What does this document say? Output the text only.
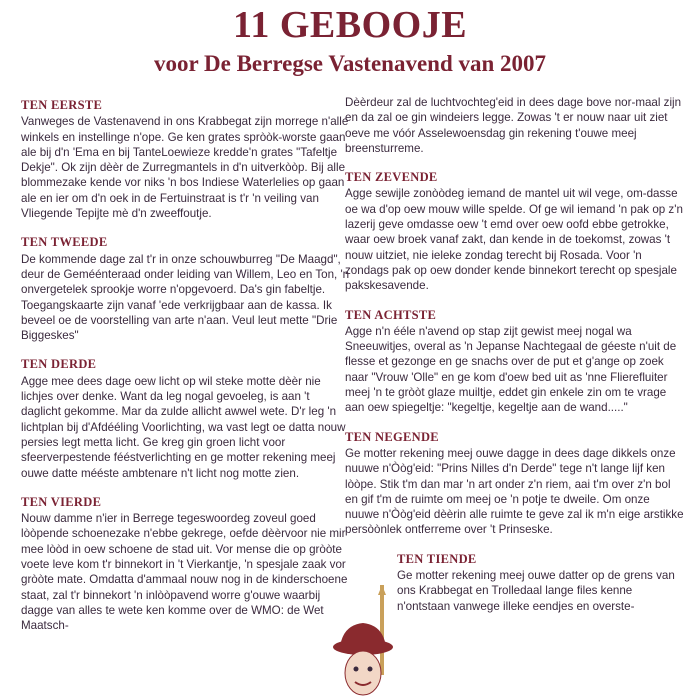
11 GEBOOJE
voor De Berregse Vastenavend van 2007
TEN EERSTE

Vanweges de Vastenavend in ons Krabbegat zijn morrege n'alle winkels en instellinge n'ope. Ge ken grates spròòk-worste gaan ale bij d'n 'Ema en bij TanteLoewieze kredde'n grates "Tafeltje Dekje". Ok zijn dèèr de Zurregmantels in d'n uitverkòòp. Bij alle blommezake kende vor niks 'n bos Indiese Waterlelies op gaan ale en ier om d'n oek in de Fertuinstraat is t'r 'n veiling van Vliegende Tepijte mè d'n zweeffoutje.

TEN TWEEDE

De kommende dage zal t'r in onze schouwburreg "De Maagd", deur de Geméénteraad onder leiding van Willem, Leo en Ton, 'n onvergetelek sprookje worre n'opgevoerd. Da's gin fabeltje. Toegangskaarte zijn vanaf 'ede verkrijgbaar aan de kassa. Ik beveel oe de voorstelling van arte n'aan. Veul leut mette "Drie Biggeskes"

TEN DERDE

Agge mee dees dage oew licht op wil steke motte dèèr nie lichjes over denke. Want da leg nogal gevoeleg, is aan 't daglicht gekomme. Mar da zulde allicht awwel wete. D'r leg 'n lichtplan bij d'Afdééling Voorlichting, wa vast legt oe datta nouw persies legt metta licht. Ge kreg gin groen licht voor sfeerverpestende fééstverlichting en ge motter rekening meej ouwe datte mééste ambtenare n't licht nog motte zien.

TEN VIERDE

Nouw damme n'ier in Berrege tegeswoordeg zoveul goed lòòpende schoenezake n'ebbe gekrege, oefde dèèrvoor nie mir mee lòòd in oew schoene de stad uit. Vor mense die op gròòte voete leve kom t'r binnekort in 't Vierkantje, 'n spesjale zaak vor gròòte mate. Omdatta d'ammaal nouw nog in de kinderschoene staat, zal t'r binnekort 'n inlòòpavend worre g'ouwe waarbij dagge van alles te wete ken komme over de WMO: de Wet Maatsch-

Dèèrdeur zal de luchtvochteg'eid in dees dage bove nor-maal zijn en da zal oe gin windeiers legge. Zowas 't er nouw naar uit ziet oeve me vóór Asselewoensdag gin rekening t'ouwe meej breensturreme.

TEN ZEVENDE

Agge sewijle zonòòdeg iemand de mantel uit wil vege, om-dasse oe wa d'op oew mouw wille spelde. Of ge wil iemand 'n pak op z'n lazerij geve omdasse oew 't emd over oew oofd ebbe getrokke, waar oew broek vanaf zakt, dan kende in de toekomst, zowas 't nouw uitziet, nie ieleke zondag terecht bij Rosada. Voor 'n zondags pak op oew donder kende binnekort terecht op spesjale pakskesavende.

TEN ACHTSTE

Agge n'n ééle n'avend op stap zijt gewist meej nogal wa Sneeuwitjes, overal as 'n Jepanse Nachtegaal de géeste n'uit de flesse et gezonge en ge snachs over de put et g'ange op zoek naar "Vrouw 'Olle" en ge kom d'oew bed uit as 'nne Flierefluiter meej 'n te gròòt glaze muiltje, eddet gin enkele zin om te vrage aan oew spiegeltje: "kegeltje, kegeltje aan de wand....."

TEN NEGENDE

Ge motter rekening meej ouwe dagge in dees dage dikkels onze nuuwe n'Òòg'eid: "Prins Nilles d'n Derde" tege n't lange lijf ken lòòpe. Stik t'm dan mar 'n art onder z'n riem, aai t'm over z'n bol en gif t'm de ruimte om meej oe 'n potje te dweile. Om onze nuuwe n'Òòg'eid dèèrin alle ruimte te geve zal ik m'n eige arstikke persòònlek ontferreme over 't Prinseske.

TEN TIENDE

Ge motter rekening meej ouwe datter op de grens van ons Krabbegat en Trolledaal lange files kenne n'ontstaan vanwege illeke eendjes en overste-
